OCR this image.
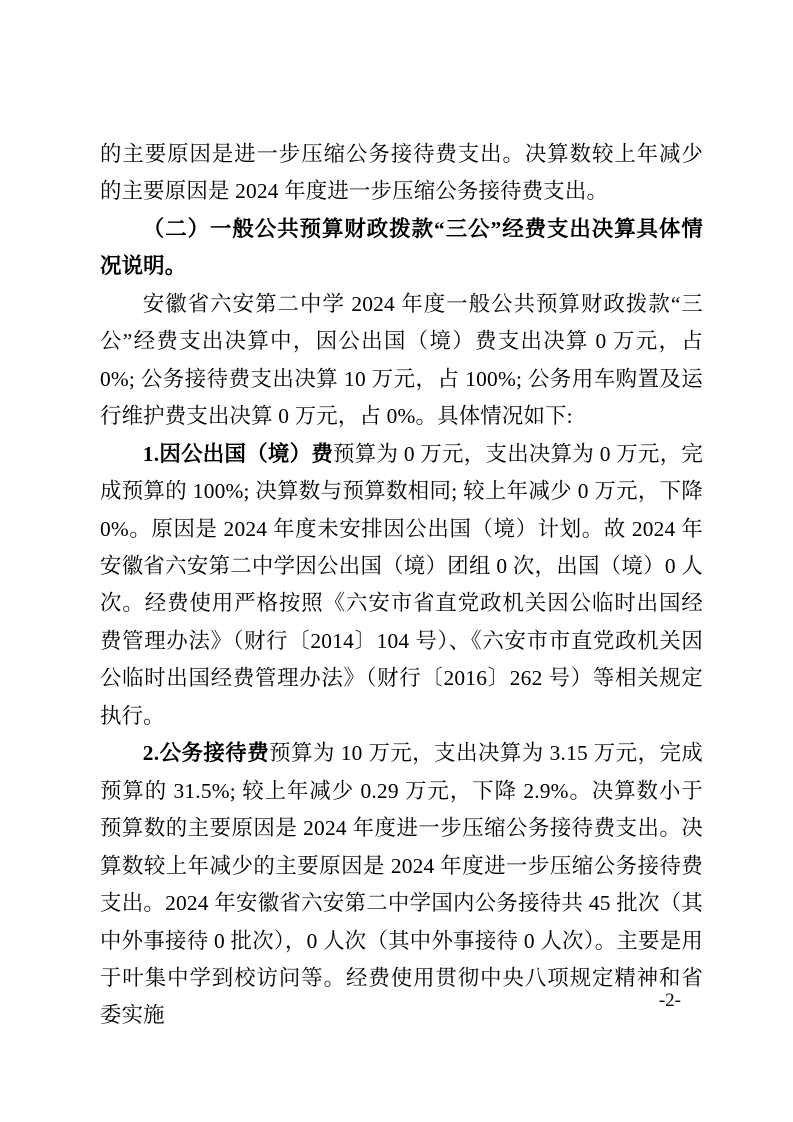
的主要原因是进一步压缩公务接待费支出。决算数较上年减少的主要原因是 2024 年度进一步压缩公务接待费支出。

（二）一般公共预算财政拨款“三公”经费支出决算具体情况说明。

安徽省六安第二中学 2024 年度一般公共预算财政拨款“三公”经费支出决算中，因公出国（境）费支出决算 0 万元，占 0%; 公务接待费支出决算 10 万元，占 100%; 公务用车购置及运行维护费支出决算 0 万元，占 0%。具体情况如下:

1.因公出国（境）费预算为 0 万元，支出决算为 0 万元，完成预算的 100%; 决算数与预算数相同; 较上年减少 0 万元，下降 0%。原因是 2024 年度未安排因公出国（境）计划。故 2024 年安徽省六安第二中学因公出国（境）团组 0 次，出国（境）0 人次。经费使用严格按照《六安市省直党政机关因公临时出国经费管理办法》（财行〔2014〕104 号）、《六安市市直党政机关因公临时出国经费管理办法》（财行〔2016〕262 号）等相关规定执行。

2.公务接待费预算为 10 万元，支出决算为 3.15 万元，完成预算的 31.5%; 较上年减少 0.29 万元，下降 2.9%。决算数小于预算数的主要原因是 2024 年度进一步压缩公务接待费支出。决算数较上年减少的主要原因是 2024 年度进一步压缩公务接待费支出。2024 年安徽省六安第二中学国内公务接待共 45 批次（其中外事接待 0 批次），0 人次（其中外事接待 0 人次）。主要是用于叶集中学到校访问等。经费使用贯彻中央八项规定精神和省委实施

-2-
